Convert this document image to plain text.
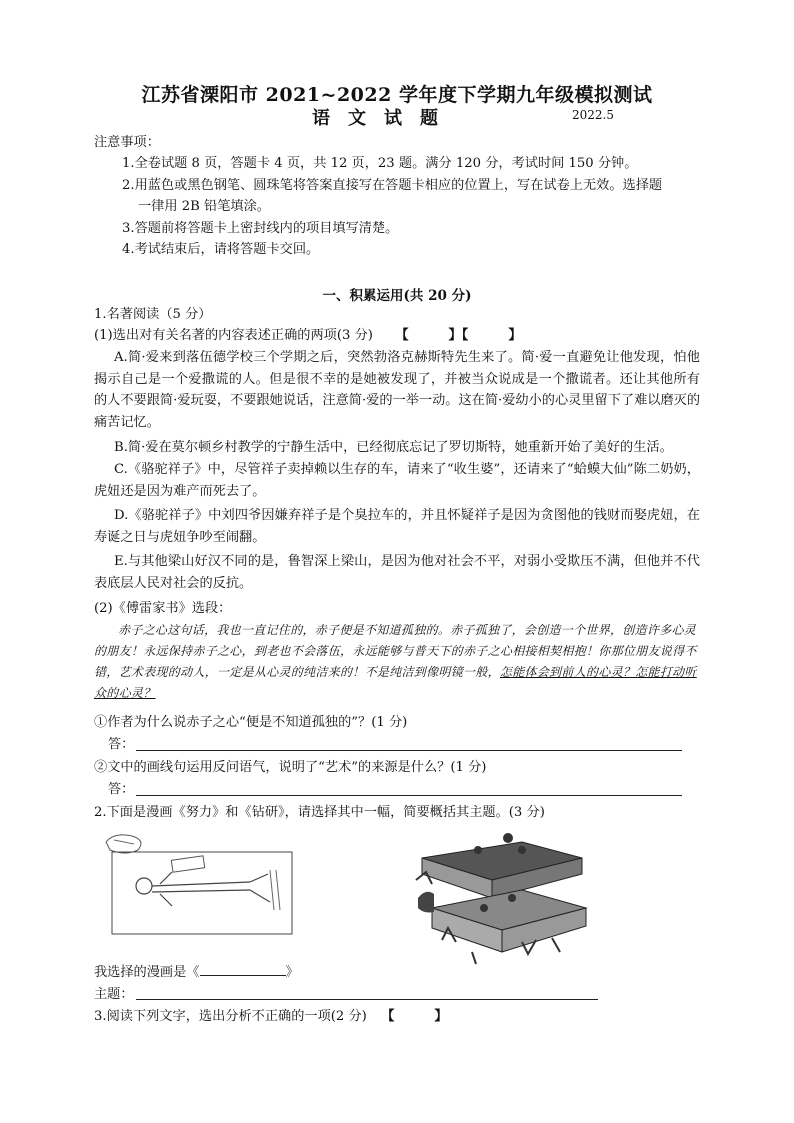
江苏省溧阳市 2021~2022 学年度下学期九年级模拟测试
语文试题	2022.5
注意事项：
1.全卷试题 8 页，答题卡 4 页，共 12 页，23 题。满分 120 分，考试时间 150 分钟。
2.用蓝色或黑色钢笔、圆珠笔将答案直接写在答题卡相应的位置上，写在试卷上无效。选择题
一律用 2B 铅笔填涂。
3.答题前将答题卡上密封线内的项目填写清楚。
4.考试结束后，请将答题卡交回。
一、积累运用(共 20 分)
1.名著阅读（5 分）
(1)选出对有关名著的内容表述正确的两项(3 分) 【	】【	】
A.简·爱来到落伍德学校三个学期之后，突然勃洛克赫斯特先生来了。简·爱一直避免让他发现，怕他揭示自己是一个爱撒谎的人。但是很不幸的是她被发现了，并被当众说成是一个撒谎者。还让其他所有的人不要跟简·爱玩耍，不要跟她说话，注意简·爱的一举一动。这在简·爱幼小的心灵里留下了难以磨灭的痛苦记忆。
B.简·爱在莫尔顿乡村教学的宁静生活中，已经彻底忘记了罗切斯特，她重新开始了美好的生活。
C.《骆驼祥子》中，尽管祥子卖掉赖以生存的车，请来了“收生婆”，还请来了“蛤蟆大仙”陈二奶奶，虎妞还是因为难产而死去了。
D.《骆驼祥子》中刘四爷因嫌弃祥子是个臭拉车的，并且怀疑祥子是因为贪图他的钱财而娶虎妞，在寿诞之日与虎妞争吵至闹翻。
E.与其他梁山好汉不同的是，鲁智深上梁山，是因为他对社会不平，对弱小受欺压不满，但他并不代表底层人民对社会的反抗。
(2)《傅雷家书》选段：
赤子之心这句话，我也一直记住的，赤子便是不知道孤独的。赤子孤独了，会创造一个世界，创造许多心灵的朋友！永远保持赤子之心，到老也不会落伍，永远能够与普天下的赤子之心相接相契相抱！你那位朋友说得不错，艺术表现的动人，一定是从心灵的纯洁来的！不是纯洁到像明镜一般，怎能体会到前人的心灵？怎能打动听众的心灵？
①作者为什么说赤子之心“便是不知道孤独的”？(1 分)
答：
②文中的画线句运用反问语气，说明了“艺术”的来源是什么？(1 分)
答：
2.下面是漫画《努力》和《钻研》，请选择其中一幅，简要概括其主题。(3 分)
我选择的漫画是《	》
主题：
3.阅读下列文字，选出分析不正确的一项(2 分) 【	】
